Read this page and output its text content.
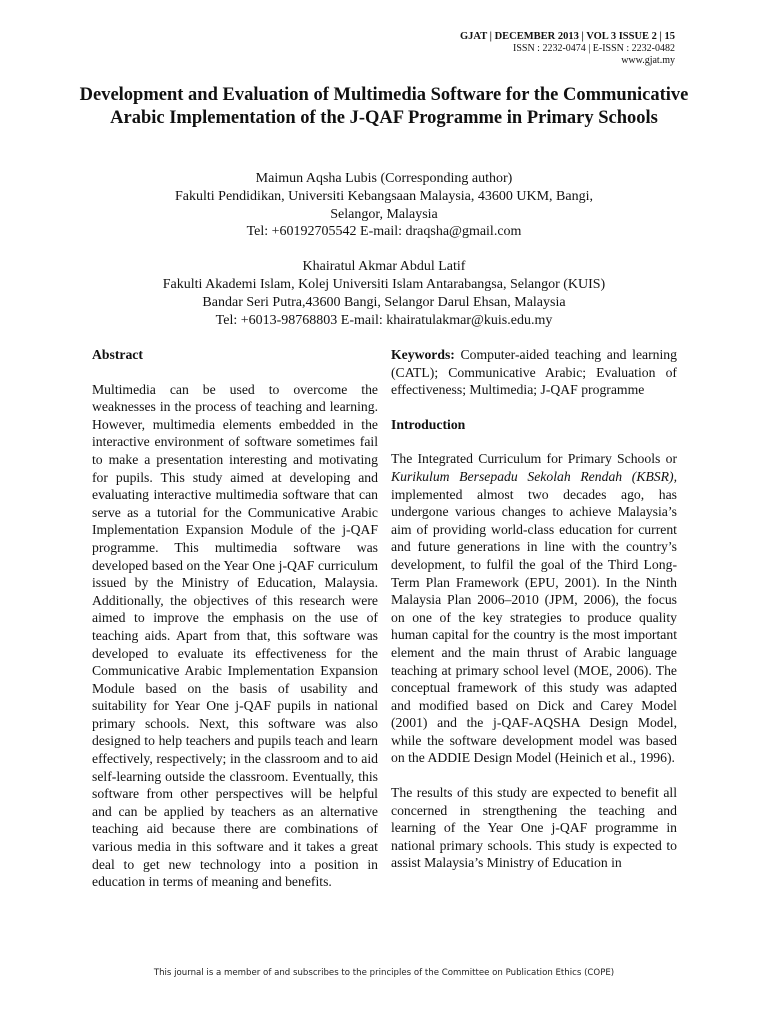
GJAT | DECEMBER 2013 | VOL 3 ISSUE 2 | 15
ISSN : 2232-0474 | E-ISSN : 2232-0482
www.gjat.my
Development and Evaluation of Multimedia Software for the Communicative Arabic Implementation of the J-QAF Programme in Primary Schools
Maimun Aqsha Lubis (Corresponding author)
Fakulti Pendidikan, Universiti Kebangsaan Malaysia, 43600 UKM, Bangi,
Selangor, Malaysia
Tel: +60192705542 E-mail: draqsha@gmail.com
Khairatul Akmar Abdul Latif
Fakulti Akademi Islam, Kolej Universiti Islam Antarabangsa, Selangor (KUIS)
Bandar Seri Putra,43600 Bangi, Selangor Darul Ehsan, Malaysia
Tel: +6013-98768803 E-mail: khairatulakmar@kuis.edu.my
Abstract

Multimedia can be used to overcome the weaknesses in the process of teaching and learning. However, multimedia elements embedded in the interactive environment of software sometimes fail to make a presentation interesting and motivating for pupils. This study aimed at developing and evaluating interactive multimedia software that can serve as a tutorial for the Communicative Arabic Implementation Expansion Module of the j-QAF programme. This multimedia software was developed based on the Year One j-QAF curriculum issued by the Ministry of Education, Malaysia. Additionally, the objectives of this research were aimed to improve the emphasis on the use of teaching aids. Apart from that, this software was developed to evaluate its effectiveness for the Communicative Arabic Implementation Expansion Module based on the basis of usability and suitability for Year One j-QAF pupils in national primary schools. Next, this software was also designed to help teachers and pupils teach and learn effectively, respectively; in the classroom and to aid self-learning outside the classroom. Eventually, this software from other perspectives will be helpful and can be applied by teachers as an alternative teaching aid because there are combinations of various media in this software and it takes a great deal to get new technology into a position in education in terms of meaning and benefits.

Keywords: Computer-aided teaching and learning (CATL); Communicative Arabic; Evaluation of effectiveness; Multimedia; J-QAF programme

Introduction

The Integrated Curriculum for Primary Schools or Kurikulum Bersepadu Sekolah Rendah (KBSR), implemented almost two decades ago, has undergone various changes to achieve Malaysia’s aim of providing world-class education for current and future generations in line with the country’s development, to fulfil the goal of the Third Long-Term Plan Framework (EPU, 2001). In the Ninth Malaysia Plan 2006–2010 (JPM, 2006), the focus on one of the key strategies to produce quality human capital for the country is the most important element and the main thrust of Arabic language teaching at primary school level (MOE, 2006). The conceptual framework of this study was adapted and modified based on Dick and Carey Model (2001) and the j-QAF-AQSHA Design Model, while the software development model was based on the ADDIE Design Model (Heinich et al., 1996).

The results of this study are expected to benefit all concerned in strengthening the teaching and learning of the Year One j-QAF programme in national primary schools. This study is expected to assist Malaysia’s Ministry of Education in

This journal is a member of and subscribes to the principles of the Committee on Publication Ethics (COPE)
